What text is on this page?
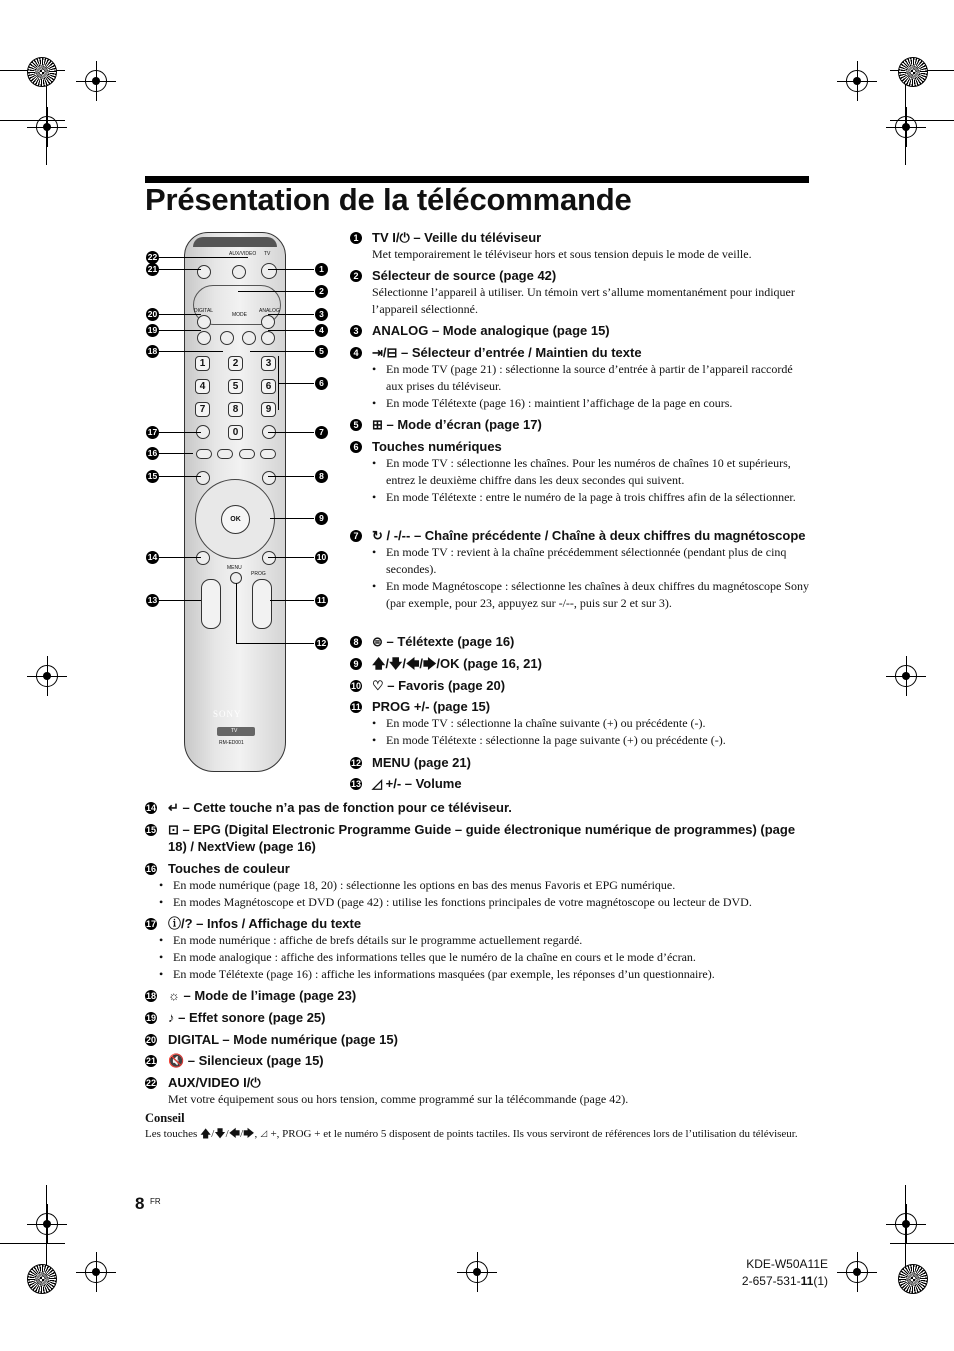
Présentation de la télécommande
AUX/VIDEO TV
MODE
DIGITAL	ANALOG
1	2	3
4	5	6
7	8	9
0
OK
MENU
PROG
SONY
TV
RM-ED001
22
21	1
2
20	3
19	4
18	5
6
17	7
16
15	8
9
14	10
13	11
12
1 TV I/⏻ – Veille du téléviseur
Met temporairement le téléviseur hors et sous tension depuis le mode de veille.
2 Sélecteur de source (page 42)
Sélectionne l’appareil à utiliser. Un témoin vert s’allume momentanément pour indiquer l’appareil sélectionné.
3 ANALOG – Mode analogique (page 15)
4 ⇥/⊟ – Sélecteur d’entrée / Maintien du texte
• En mode TV (page 21) : sélectionne la source d’entrée à partir de l’appareil raccordé aux prises du téléviseur.
• En mode Télétexte (page 16) : maintient l’affichage de la page en cours.
5 ⊞ – Mode d’écran (page 17)
6 Touches numériques
• En mode TV : sélectionne les chaînes. Pour les numéros de chaînes 10 et supérieurs, entrez le deuxième chiffre dans les deux secondes qui suivent.
• En mode Télétexte : entre le numéro de la page à trois chiffres afin de la sélectionner.
7 ↻ / -/-- – Chaîne précédente / Chaîne à deux chiffres du magnétoscope
• En mode TV : revient à la chaîne précédemment sélectionnée (pendant plus de cinq secondes).
• En mode Magnétoscope : sélectionne les chaînes à deux chiffres du magnétoscope Sony (par exemple, pour 23, appuyez sur -/--, puis sur 2 et sur 3).
8 ⊜ – Télétexte (page 16)
9 🡅/🡇/🡄/🡆/OK (page 16, 21)
10 ♡ – Favoris (page 20)
11 PROG +/- (page 15)
• En mode TV : sélectionne la chaîne suivante (+) ou précédente (-).
• En mode Télétexte : sélectionne la page suivante (+) ou précédente (-).
12 MENU (page 21)
13 ◿ +/- – Volume
14 ↵ – Cette touche n’a pas de fonction pour ce téléviseur.
15 ⊡ – EPG (Digital Electronic Programme Guide – guide électronique numérique de programmes) (page 18) / NextView (page 16)
16 Touches de couleur
• En mode numérique (page 18, 20) : sélectionne les options en bas des menus Favoris et EPG numérique.
• En modes Magnétoscope et DVD (page 42) : utilise les fonctions principales de votre magnétoscope ou lecteur de DVD.
17 ⓘ/? – Infos / Affichage du texte
• En mode numérique : affiche de brefs détails sur le programme actuellement regardé.
• En mode analogique : affiche des informations telles que le numéro de la chaîne en cours et le mode d’écran.
• En mode Télétexte (page 16) : affiche les informations masquées (par exemple, les réponses d’un questionnaire).
18 ☼ – Mode de l’image (page 23)
19 ♪ – Effet sonore (page 25)
20 DIGITAL – Mode numérique (page 15)
21 🔇 – Silencieux (page 15)
22 AUX/VIDEO I/⏻
Met votre équipement sous ou hors tension, comme programmé sur la télécommande (page 42).
Conseil
Les touches 🡅/🡇/🡄/🡆, ◿ +, PROG + et le numéro 5 disposent de points tactiles. Ils vous serviront de références lors de l’utilisation du téléviseur.
8 FR
KDE-W50A11E
2-657-531-11(1)
